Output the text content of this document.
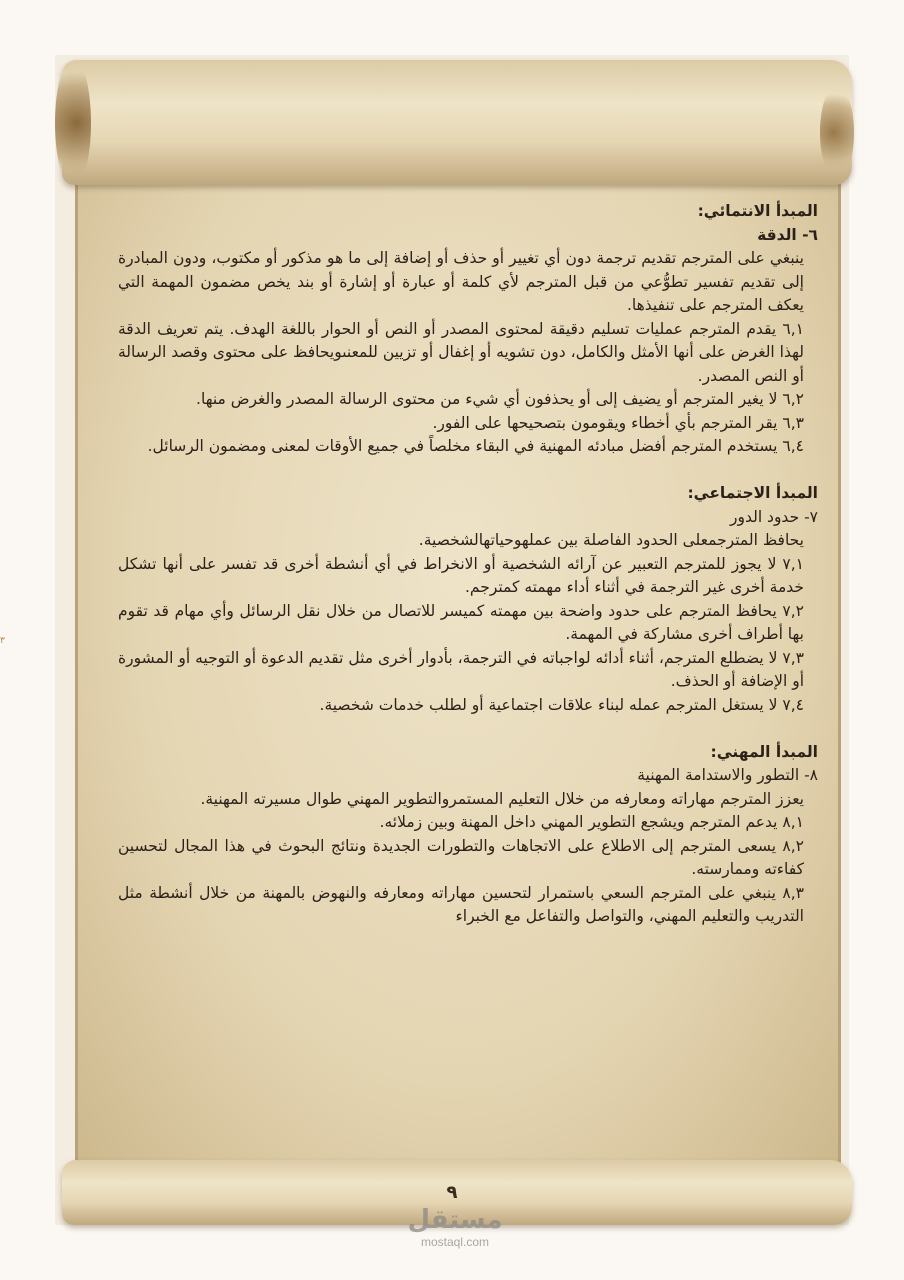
٣

المبدأ الانتمائي:

٦- الدقة

ينبغي على المترجم تقديم ترجمة دون أي تغيير أو حذف أو إضافة إلى ما هو مذكور أو مكتوب، ودون المبادرة إلى تقديم تفسير تطوُّعي من قبل المترجم لأي كلمة أو عبارة أو إشارة أو بند يخص مضمون المهمة التي يعكف المترجم على تنفيذها.

٦,١ يقدم المترجم عمليات تسليم دقيقة لمحتوى المصدر أو النص أو الحوار باللغة الهدف. يتم تعريف الدقة لهذا الغرض على أنها الأمثل والكامل، دون تشويه أو إغفال أو تزيين للمعنىويحافظ على محتوى وقصد الرسالة أو النص المصدر.

٦,٢ لا يغير المترجم أو يضيف إلى أو يحذفون أي شيء من محتوى الرسالة المصدر والغرض منها.

٦,٣ يقر المترجم بأي أخطاء ويقومون بتصحيحها على الفور.

٦,٤ يستخدم المترجم أفضل مبادئه المهنية في البقاء مخلصاً في جميع الأوقات لمعنى ومضمون الرسائل.

المبدأ الاجتماعي:

٧- حدود الدور

يحافظ المترجمعلى الحدود الفاصلة بين عملهوحياتهالشخصية.

٧,١ لا يجوز للمترجم التعبير عن آرائه الشخصية أو الانخراط في أي أنشطة أخرى قد تفسر على أنها تشكل خدمة أخرى غير الترجمة في أثناء أداء مهمته كمترجم.

٧,٢ يحافظ المترجم على حدود واضحة بين مهمته كميسر للاتصال من خلال نقل الرسائل وأي مهام قد تقوم بها أطراف أخرى مشاركة في المهمة.

٧,٣ لا يضطلع المترجم، أثناء أدائه لواجباته في الترجمة، بأدوار أخرى مثل تقديم الدعوة أو التوجيه أو المشورة أو الإضافة أو الحذف.

٧,٤ لا يستغل المترجم عمله لبناء علاقات اجتماعية أو لطلب خدمات شخصية.

المبدأ المهني:

٨- التطور والاستدامة المهنية

يعزز المترجم مهاراته ومعارفه من خلال التعليم المستمروالتطوير المهني طوال مسيرته المهنية.

٨,١ يدعم المترجم ويشجع التطوير المهني داخل المهنة وبين زملائه.

٨,٢ يسعى المترجم إلى الاطلاع على الاتجاهات والتطورات الجديدة ونتائج البحوث في هذا المجال لتحسين كفاءته وممارسته.

٨,٣ ينبغي على المترجم السعي باستمرار لتحسين مهاراته ومعارفه والنهوض بالمهنة من خلال أنشطة مثل التدريب والتعليم المهني، والتواصل والتفاعل مع الخبراء

٩
مستقل
mostaql.com
